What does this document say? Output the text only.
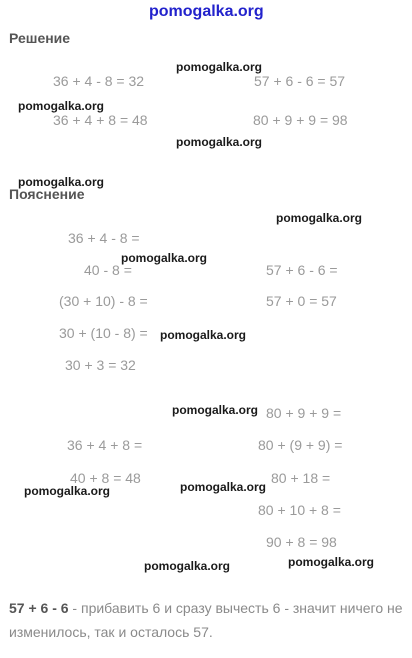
pomogalka.org
Решение
36 + 4 - 8 = 32	57 + 6 - 6 = 57
36 + 4 + 8 = 48	80 + 9 + 9 = 98
Пояснение
36 + 4 - 8 =
40 - 8 =
(30 + 10) - 8 =
30 + (10 - 8) =
30 + 3 = 32
57 + 6 - 6 =
57 + 0 = 57
36 + 4 + 8 =
40 + 8 = 48
80 + 9 + 9 =
80 + (9 + 9) =
80 + 18 =
80 + 10 + 8 =
90 + 8 = 98
pomogalka.org
pomogalka.org
pomogalka.org
pomogalka.org
pomogalka.org
pomogalka.org
pomogalka.org
pomogalka.org
pomogalka.org
pomogalka.org
pomogalka.org	pomogalka.org
57 + 6 - 6 - прибавить 6 и сразу вычесть 6 - значит ничего не изменилось, так и осталось 57.
